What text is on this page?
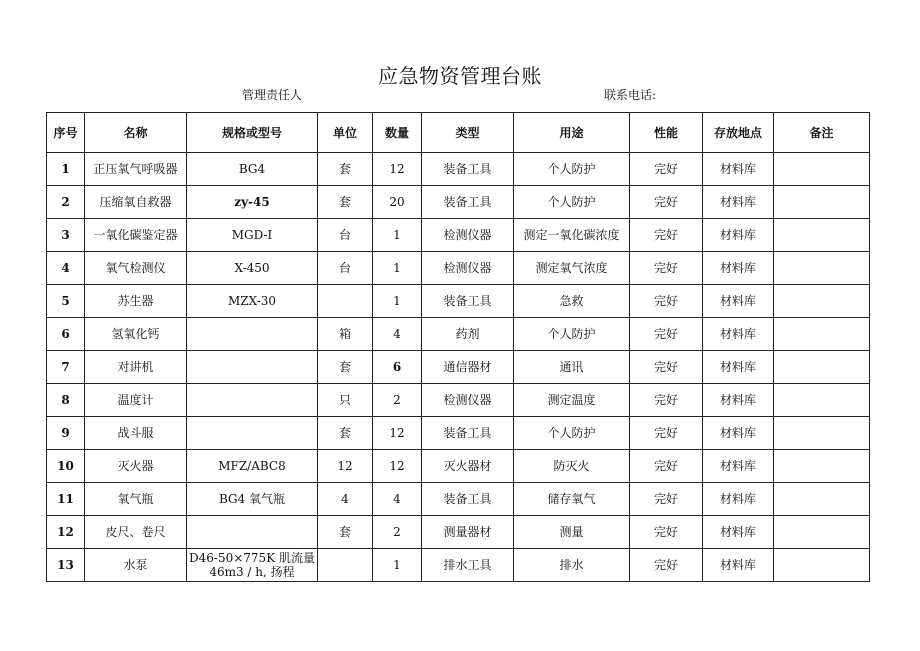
应急物资管理台账
管理责任人	联系电话:
序号	名称	规格或型号	单位	数量	类型	用途	性能	存放地点	备注
1	正压氧气呼吸器	BG4	套	12	装备工具	个人防护	完好	材料库	
2	压缩氧自救器	zy-45	套	20	装备工具	个人防护	完好	材料库	
3	一氧化碳鉴定器	MGD-I	台	1	检测仪器	测定一氧化碳浓度	完好	材料库	
4	氧气检测仪	X-450	台	1	检测仪器	测定氧气浓度	完好	材料库	
5	苏生器	MZX-30		1	装备工具	急救	完好	材料库	
6	氢氧化钙		箱	4	药剂	个人防护	完好	材料库	
7	对讲机		套	6	通信器材	通讯	完好	材料库	
8	温度计		只	2	检测仪器	测定温度	完好	材料库	
9	战斗服		套	12	装备工具	个人防护	完好	材料库	
10	灭火器	MFZ/ABC8	12	12	灭火器材	防灭火	完好	材料库	
11	氧气瓶	BG4 氧气瓶	4	4	装备工具	储存氧气	完好	材料库	
12	皮尺、卷尺		套	2	测量器材	测量	完好	材料库	
13	水泵	D46-50×775K 肌流量 46m3 / h, 扬程		1	排水工具	排水	完好	材料库	
